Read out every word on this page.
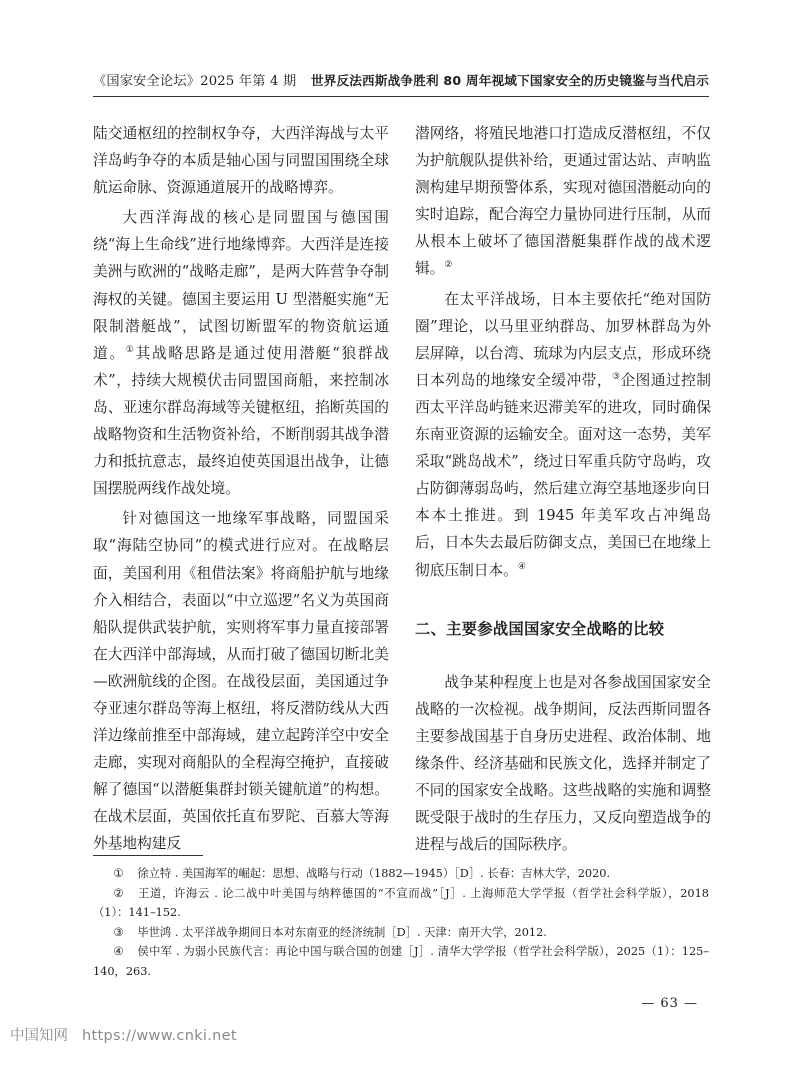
《国家安全论坛》2025 年第 4 期 世界反法西斯战争胜利 80 周年视域下国家安全的历史镜鉴与当代启示

陆交通枢纽的控制权争夺，大西洋海战与太平洋岛屿争夺的本质是轴心国与同盟国围绕全球航运命脉、资源通道展开的战略博弈。

大西洋海战的核心是同盟国与德国围绕“海上生命线”进行地缘博弈。大西洋是连接美洲与欧洲的“战略走廊”，是两大阵营争夺制海权的关键。德国主要运用 U 型潜艇实施“无限制潜艇战”，试图切断盟军的物资航运通道。①其战略思路是通过使用潜艇“狼群战术”，持续大规模伏击同盟国商船，来控制冰岛、亚速尔群岛海域等关键枢纽，掐断英国的战略物资和生活物资补给，不断削弱其战争潜力和抵抗意志，最终迫使英国退出战争，让德国摆脱两线作战处境。

针对德国这一地缘军事战略，同盟国采取“海陆空协同”的模式进行应对。在战略层面，美国利用《租借法案》将商船护航与地缘介入相结合，表面以“中立巡逻”名义为英国商船队提供武装护航，实则将军事力量直接部署在大西洋中部海域，从而打破了德国切断北美—欧洲航线的企图。在战役层面，美国通过争夺亚速尔群岛等海上枢纽，将反潜防线从大西洋边缘前推至中部海域，建立起跨洋空中安全走廊，实现对商船队的全程海空掩护，直接破解了德国“以潜艇集群封锁关键航道”的构想。在战术层面，英国依托直布罗陀、百慕大等海外基地构建反

潜网络，将殖民地港口打造成反潜枢纽，不仅为护航舰队提供补给，更通过雷达站、声呐监测构建早期预警体系，实现对德国潜艇动向的实时追踪，配合海空力量协同进行压制，从而从根本上破坏了德国潜艇集群作战的战术逻辑。②

在太平洋战场，日本主要依托“绝对国防圈”理论，以马里亚纳群岛、加罗林群岛为外层屏障，以台湾、琉球为内层支点，形成环绕日本列岛的地缘安全缓冲带，③企图通过控制西太平洋岛屿链来迟滞美军的进攻，同时确保东南亚资源的运输安全。面对这一态势，美军采取“跳岛战术”，绕过日军重兵防守岛屿，攻占防御薄弱岛屿，然后建立海空基地逐步向日本本土推进。到 1945 年美军攻占冲绳岛后，日本失去最后防御支点，美国已在地缘上彻底压制日本。④

二、主要参战国国家安全战略的比较

战争某种程度上也是对各参战国国家安全战略的一次检视。战争期间，反法西斯同盟各主要参战国基于自身历史进程、政治体制、地缘条件、经济基础和民族文化，选择并制定了不同的国家安全战略。这些战略的实施和调整既受限于战时的生存压力，又反向塑造战争的进程与战后的国际秩序。

① 徐立特 . 美国海军的崛起：思想、战略与行动（1882—1945）［D］. 长春：吉林大学，2020.
② 王道，许海云 . 论二战中叶美国与纳粹德国的“不宣而战”［J］. 上海师范大学学报（哲学社会科学版），2018（1）：141–152.
③ 毕世鸿 . 太平洋战争期间日本对东南亚的经济统制［D］. 天津：南开大学，2012.
④ 侯中军 . 为弱小民族代言：再论中国与联合国的创建［J］. 清华大学学报（哲学社会科学版），2025（1）：125–140，263.
— 63 —
中国知网 https://www.cnki.net
